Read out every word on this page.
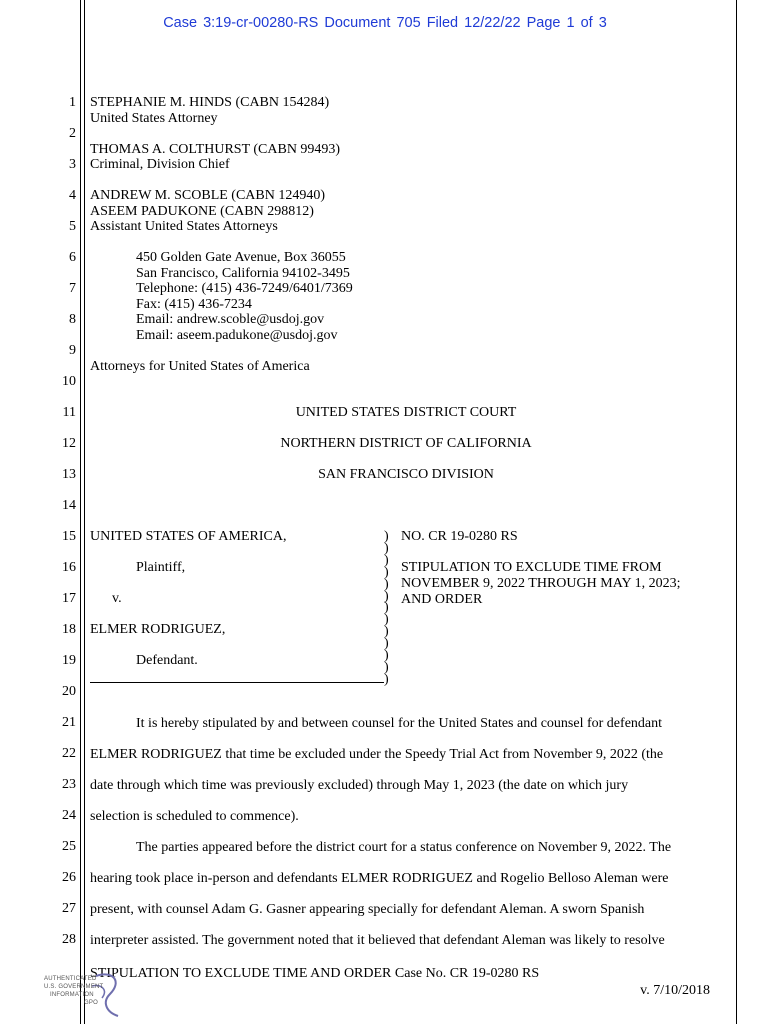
Case 3:19-cr-00280-RS Document 705 Filed 12/22/22 Page 1 of 3
1
2
3
4
5
6
7
8
9
10
11
12
13
14
15
16
17
18
19
20
21
22
23
24
25
26
27
28
STEPHANIE M. HINDS (CABN 154284)
United States Attorney
THOMAS A. COLTHURST (CABN 99493)
Criminal, Division Chief
ANDREW M. SCOBLE (CABN 124940)
ASEEM PADUKONE (CABN 298812)
Assistant United States Attorneys
450 Golden Gate Avenue, Box 36055
San Francisco, California 94102-3495
Telephone: (415) 436-7249/6401/7369
Fax: (415) 436-7234
Email: andrew.scoble@usdoj.gov
Email: aseem.padukone@usdoj.gov
Attorneys for United States of America
UNITED STATES DISTRICT COURT
NORTHERN DISTRICT OF CALIFORNIA
SAN FRANCISCO DIVISION
UNITED STATES OF AMERICA,
Plaintiff,
v.
ELMER RODRIGUEZ,
Defendant.
)
)
)
)
)
)
)
)
)
)
)
)
)
NO. CR 19-0280 RS
STIPULATION TO EXCLUDE TIME FROM
NOVEMBER 9, 2022 THROUGH MAY 1, 2023;
AND ORDER
It is hereby stipulated by and between counsel for the United States and counsel for defendant
ELMER RODRIGUEZ that time be excluded under the Speedy Trial Act from November 9, 2022 (the
date through which time was previously excluded) through May 1, 2023 (the date on which jury
selection is scheduled to commence).
The parties appeared before the district court for a status conference on November 9, 2022. The
hearing took place in-person and defendants ELMER RODRIGUEZ and Rogelio Belloso Aleman were
present, with counsel Adam G. Gasner appearing specially for defendant Aleman. A sworn Spanish
interpreter assisted. The government noted that it believed that defendant Aleman was likely to resolve
STIPULATION TO EXCLUDE TIME AND ORDER Case No. CR 19-0280 RS
v. 7/10/2018
AUTHENTICATED
U.S. GOVERNMENT
INFORMATION
GPO
